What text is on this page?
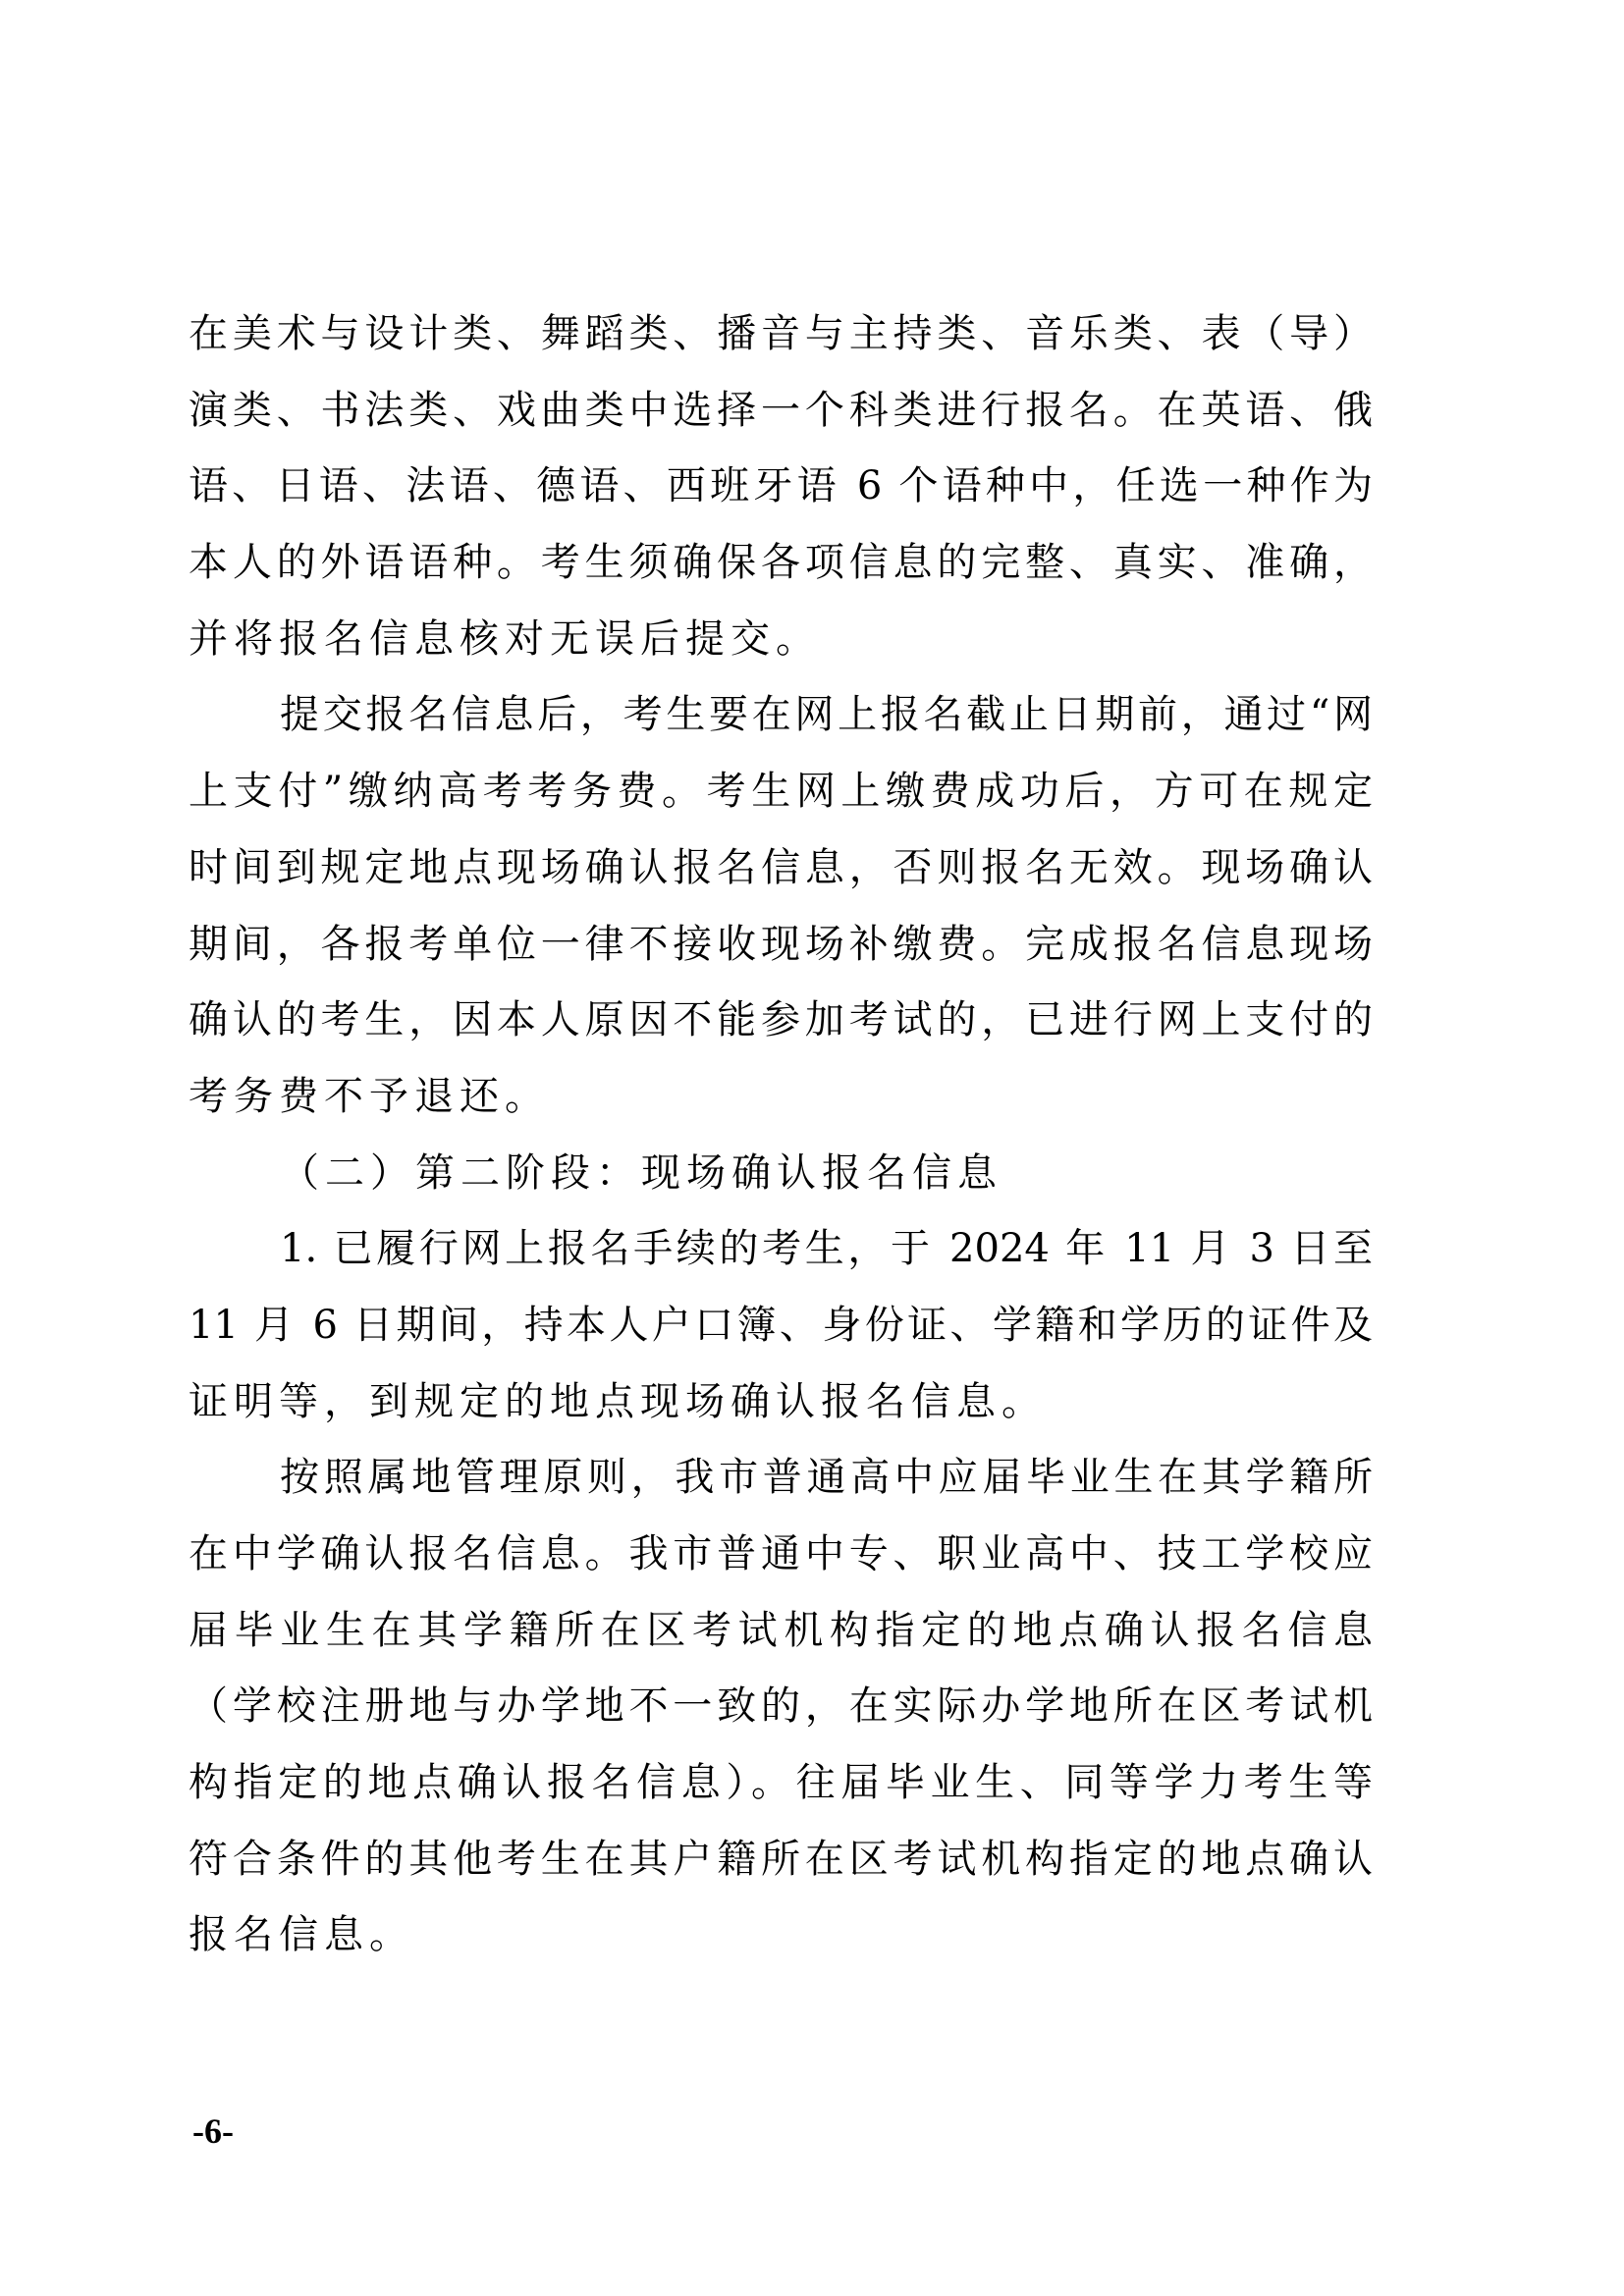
在美术与设计类、舞蹈类、播音与主持类、音乐类、表（导）
演类、书法类、戏曲类中选择一个科类进行报名。在英语、俄
语、日语、法语、德语、西班牙语 6 个语种中，任选一种作为
本人的外语语种。考生须确保各项信息的完整、真实、准确，
并将报名信息核对无误后提交。
提交报名信息后，考生要在网上报名截止日期前，通过“网
上支付”缴纳高考考务费。考生网上缴费成功后，方可在规定
时间到规定地点现场确认报名信息，否则报名无效。现场确认
期间，各报考单位一律不接收现场补缴费。完成报名信息现场
确认的考生，因本人原因不能参加考试的，已进行网上支付的
考务费不予退还。
（二）第二阶段：现场确认报名信息
1. 已履行网上报名手续的考生，于 2024 年 11 月 3 日至
11 月 6 日期间，持本人户口簿、身份证、学籍和学历的证件及
证明等，到规定的地点现场确认报名信息。
按照属地管理原则，我市普通高中应届毕业生在其学籍所
在中学确认报名信息。我市普通中专、职业高中、技工学校应
届毕业生在其学籍所在区考试机构指定的地点确认报名信息
（学校注册地与办学地不一致的，在实际办学地所在区考试机
构指定的地点确认报名信息）。往届毕业生、同等学力考生等
符合条件的其他考生在其户籍所在区考试机构指定的地点确认
报名信息。
-6-
